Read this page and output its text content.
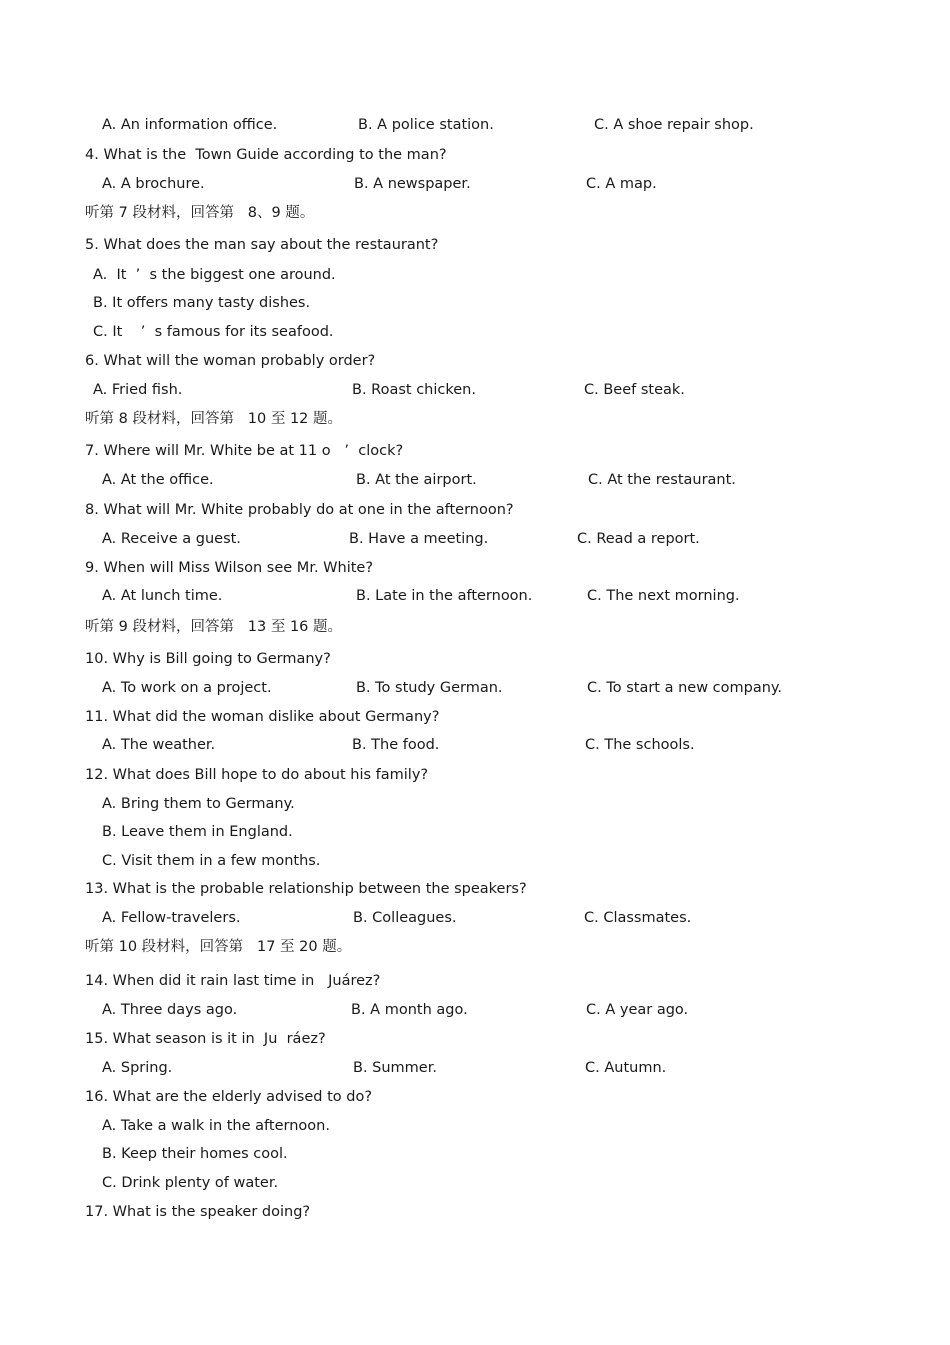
A. An information office.	B. A police station.	C. A shoe repair shop.
4. What is the  Town Guide according to the man?
A. A brochure.	B. A newspaper.	C. A map.
听第 7 段材料，回答第   8、9 题。
5. What does the man say about the restaurant?
A.  It  ’  s the biggest one around.
B. It offers many tasty dishes.
C. It    ’  s famous for its seafood.
6. What will the woman probably order?
A. Fried fish.	B. Roast chicken.	C. Beef steak.
听第 8 段材料，回答第   10 至 12 题。
7. Where will Mr. White be at 11 o   ’  clock?
A. At the office.	B. At the airport.	C. At the restaurant.
8. What will Mr. White probably do at one in the afternoon?
A. Receive a guest.	B. Have a meeting.	C. Read a report.
9. When will Miss Wilson see Mr. White?
A. At lunch time.	B. Late in the afternoon.	C. The next morning.
听第 9 段材料，回答第   13 至 16 题。
10. Why is Bill going to Germany?
A. To work on a project.	B. To study German.	C. To start a new company.
11. What did the woman dislike about Germany?
A. The weather.	B. The food.	C. The schools.
12. What does Bill hope to do about his family?
A. Bring them to Germany.
B. Leave them in England.
C. Visit them in a few months.
13. What is the probable relationship between the speakers?
A. Fellow-travelers.	B. Colleagues.	C. Classmates.
听第 10 段材料，回答第   17 至 20 题。
14. When did it rain last time in   Juárez?
A. Three days ago.	B. A month ago.	C. A year ago.
15. What season is it in  Ju  ráez?
A. Spring.	B. Summer.	C. Autumn.
16. What are the elderly advised to do?
A. Take a walk in the afternoon.
B. Keep their homes cool.
C. Drink plenty of water.
17. What is the speaker doing?
